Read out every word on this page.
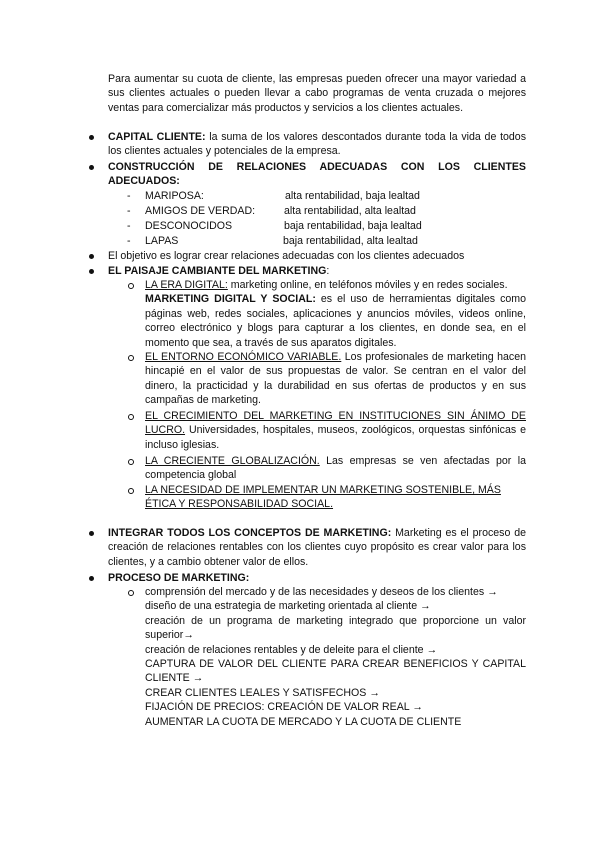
Para aumentar su cuota de cliente, las empresas pueden ofrecer una mayor variedad a sus clientes actuales o pueden llevar a cabo programas de venta cruzada o mejores ventas para comercializar más productos y servicios a los clientes actuales.

CAPITAL CLIENTE: la suma de los valores descontados durante toda la vida de todos los clientes actuales y potenciales de la empresa.

CONSTRUCCIÓN DE RELACIONES ADECUADAS CON LOS CLIENTES ADECUADOS:

- MARIPOSA:	alta rentabilidad, baja lealtad
- AMIGOS DE VERDAD:	alta rentabilidad, alta lealtad
- DESCONOCIDOS	baja rentabilidad, baja lealtad
- LAPAS	baja rentabilidad, alta lealtad

El objetivo es lograr crear relaciones adecuadas con los clientes adecuados

EL PAISAJE CAMBIANTE DEL MARKETING:

LA ERA DIGITAL: marketing online, en teléfonos móviles y en redes sociales.
MARKETING DIGITAL Y SOCIAL: es el uso de herramientas digitales como páginas web, redes sociales, aplicaciones y anuncios móviles, videos online, correo electrónico y blogs para capturar a los clientes, en donde sea, en el momento que sea, a través de sus aparatos digitales.

EL ENTORNO ECONÓMICO VARIABLE. Los profesionales de marketing hacen hincapié en el valor de sus propuestas de valor. Se centran en el valor del dinero, la practicidad y la durabilidad en sus ofertas de productos y en sus campañas de marketing.

EL CRECIMIENTO DEL MARKETING EN INSTITUCIONES SIN ÁNIMO DE LUCRO. Universidades, hospitales, museos, zoológicos, orquestas sinfónicas e incluso iglesias.

LA CRECIENTE GLOBALIZACIÓN. Las empresas se ven afectadas por la competencia global

LA NECESIDAD DE IMPLEMENTAR UN MARKETING SOSTENIBLE, MÁS ÉTICA Y RESPONSABILIDAD SOCIAL.

INTEGRAR TODOS LOS CONCEPTOS DE MARKETING: Marketing es el proceso de creación de relaciones rentables con los clientes cuyo propósito es crear valor para los clientes, y a cambio obtener valor de ellos.

PROCESO DE MARKETING:

comprensión del mercado y de las necesidades y deseos de los clientes →

diseño de una estrategia de marketing orientada al cliente →

creación de un programa de marketing integrado que proporcione un valor superior→

creación de relaciones rentables y de deleite para el cliente →

CAPTURA DE VALOR DEL CLIENTE PARA CREAR BENEFICIOS Y CAPITAL CLIENTE →

CREAR CLIENTES LEALES Y SATISFECHOS →

FIJACIÓN DE PRECIOS: CREACIÓN DE VALOR REAL →

AUMENTAR LA CUOTA DE MERCADO Y LA CUOTA DE CLIENTE
